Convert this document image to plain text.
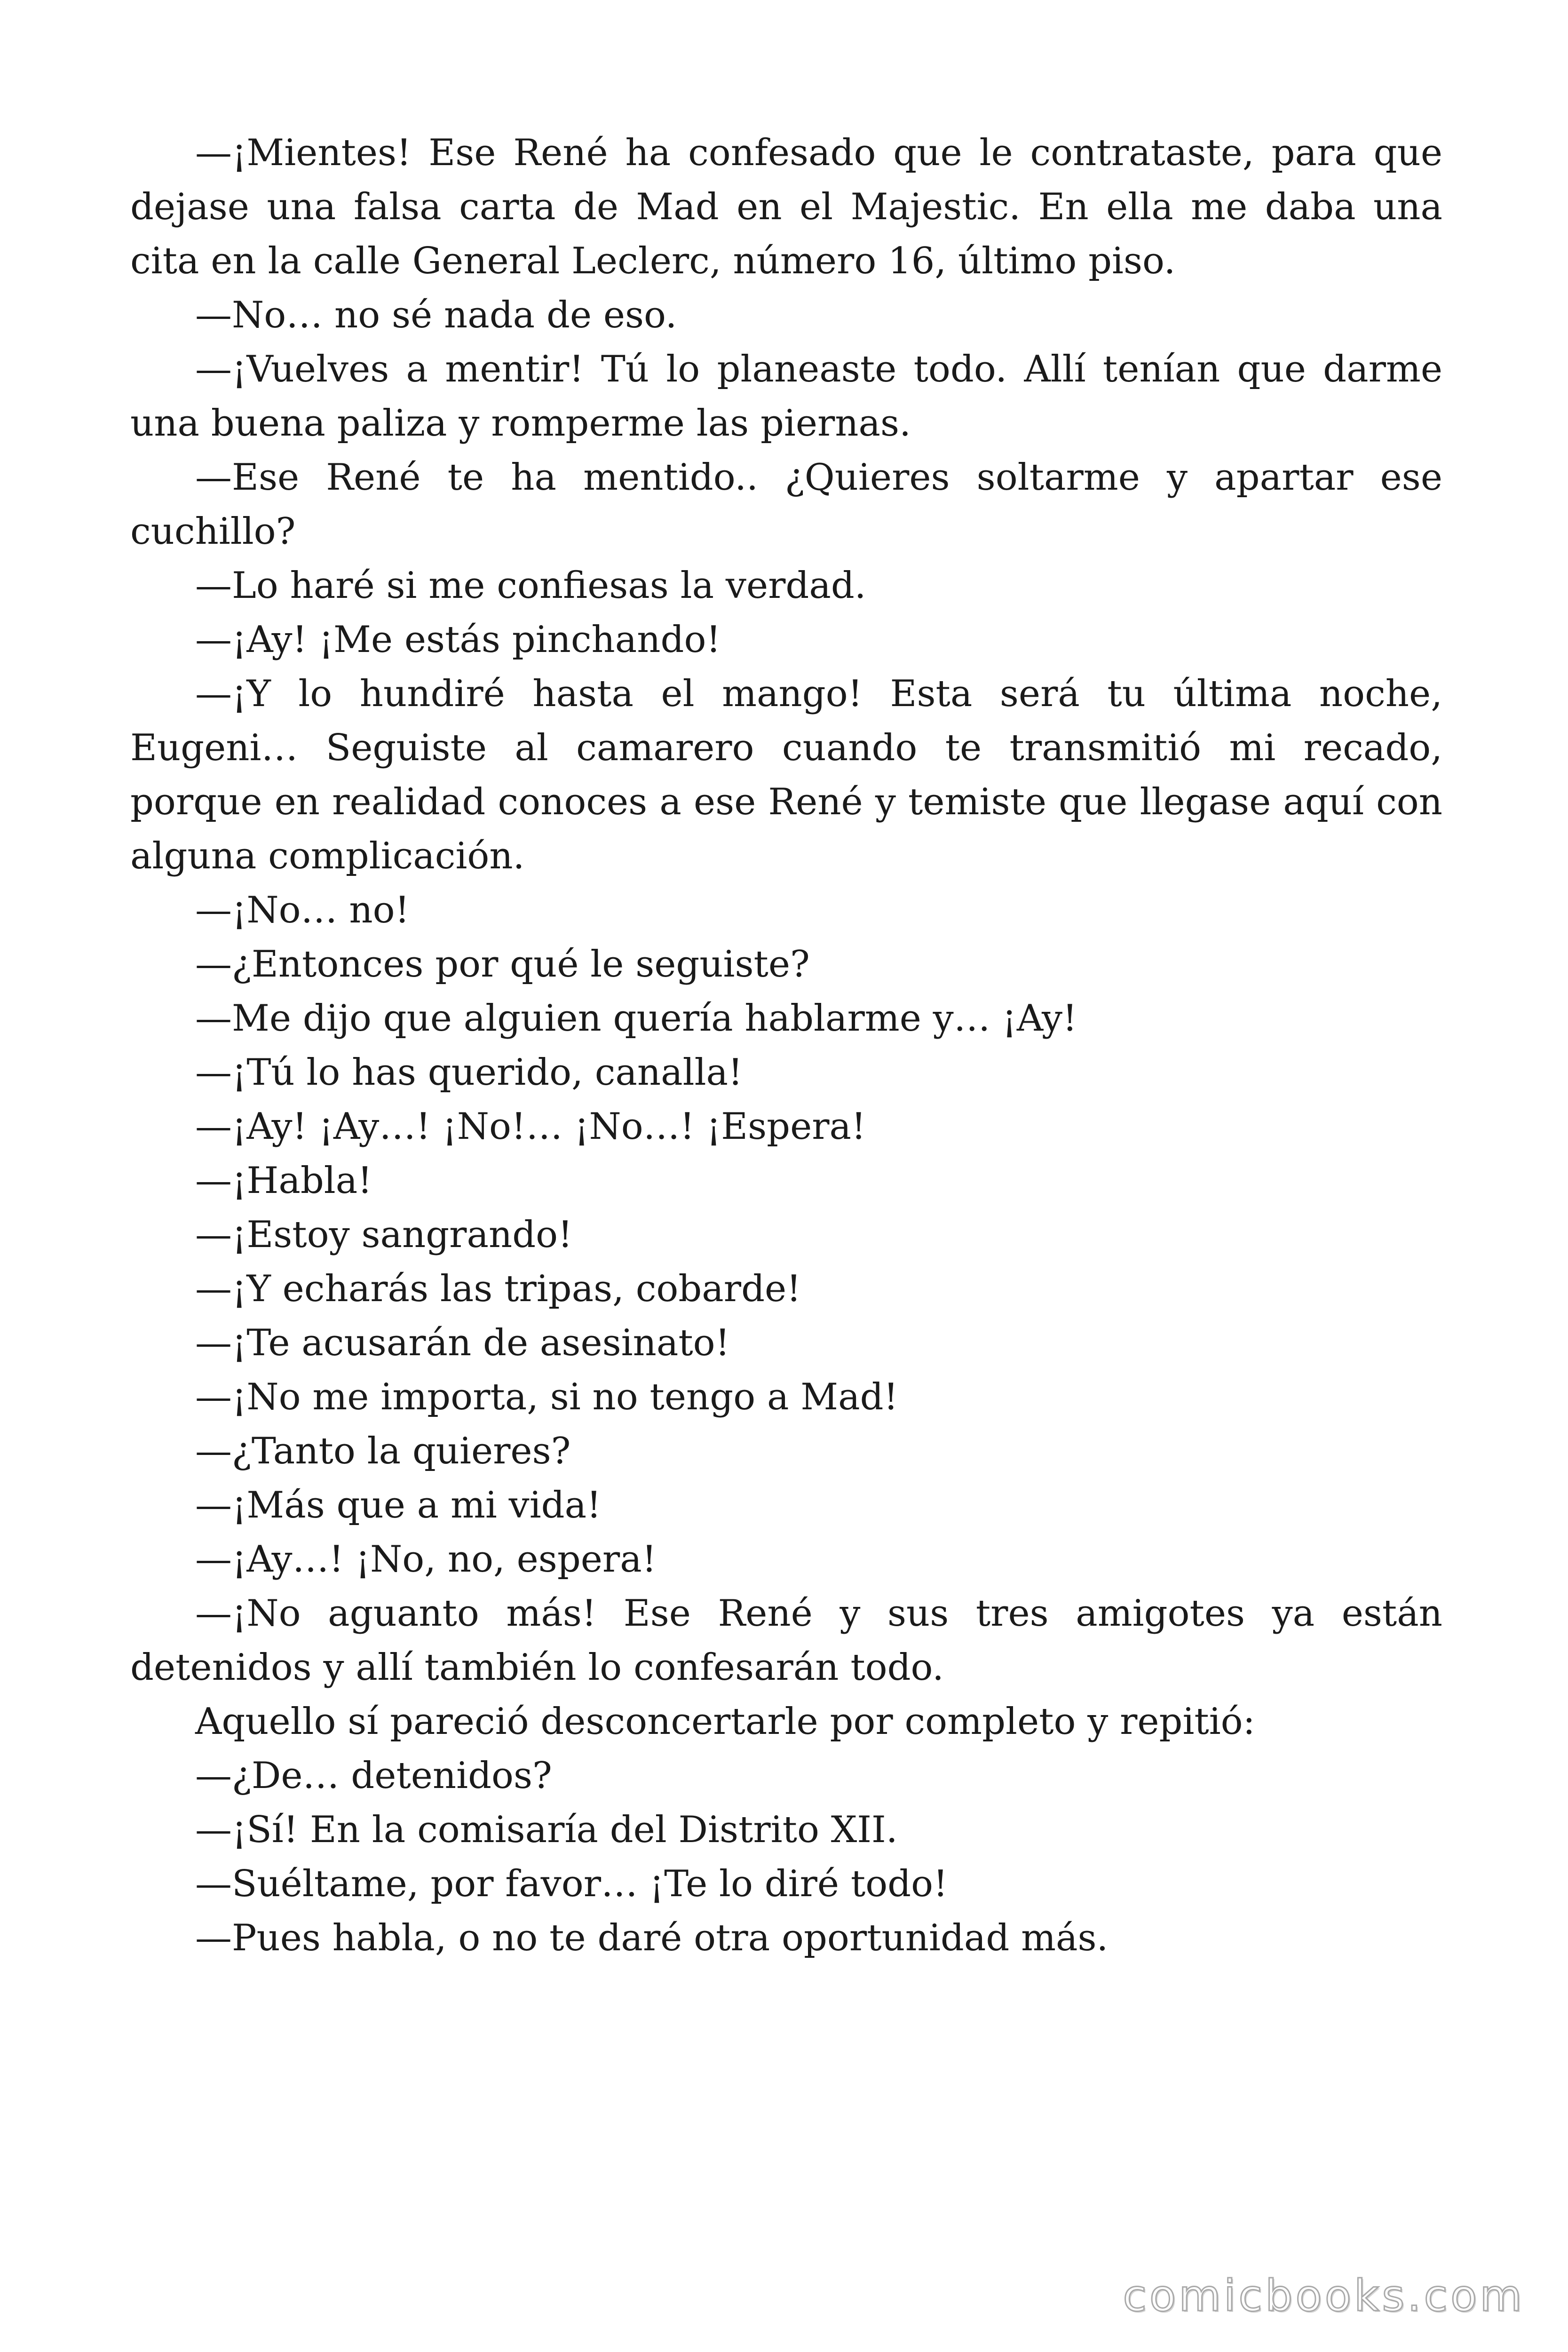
—¡Mientes! Ese René ha confesado que le contrataste, para que dejase una falsa carta de Mad en el Majestic. En ella me daba una cita en la calle General Leclerc, número 16, último piso.

—No… no sé nada de eso.

—¡Vuelves a mentir! Tú lo planeaste todo. Allí tenían que darme una buena paliza y romperme las piernas.

—Ese René te ha mentido.. ¿Quieres soltarme y apartar ese cuchillo?

—Lo haré si me confiesas la verdad.

—¡Ay! ¡Me estás pinchando!

—¡Y lo hundiré hasta el mango! Esta será tu última noche, Eugeni… Seguiste al camarero cuando te transmitió mi recado, porque en realidad conoces a ese René y temiste que llegase aquí con alguna complicación.

—¡No… no!

—¿Entonces por qué le seguiste?

—Me dijo que alguien quería hablarme y… ¡Ay!

—¡Tú lo has querido, canalla!

—¡Ay! ¡Ay…! ¡No!… ¡No…! ¡Espera!

—¡Habla!

—¡Estoy sangrando!

—¡Y echarás las tripas, cobarde!

—¡Te acusarán de asesinato!

—¡No me importa, si no tengo a Mad!

—¿Tanto la quieres?

—¡Más que a mi vida!

—¡Ay…! ¡No, no, espera!

—¡No aguanto más! Ese René y sus tres amigotes ya están detenidos y allí también lo confesarán todo.

Aquello sí pareció desconcertarle por completo y repitió:

—¿De… detenidos?

—¡Sí! En la comisaría del Distrito XII.

—Suéltame, por favor… ¡Te lo diré todo!

—Pues habla, o no te daré otra oportunidad más.

comicbooks.com
